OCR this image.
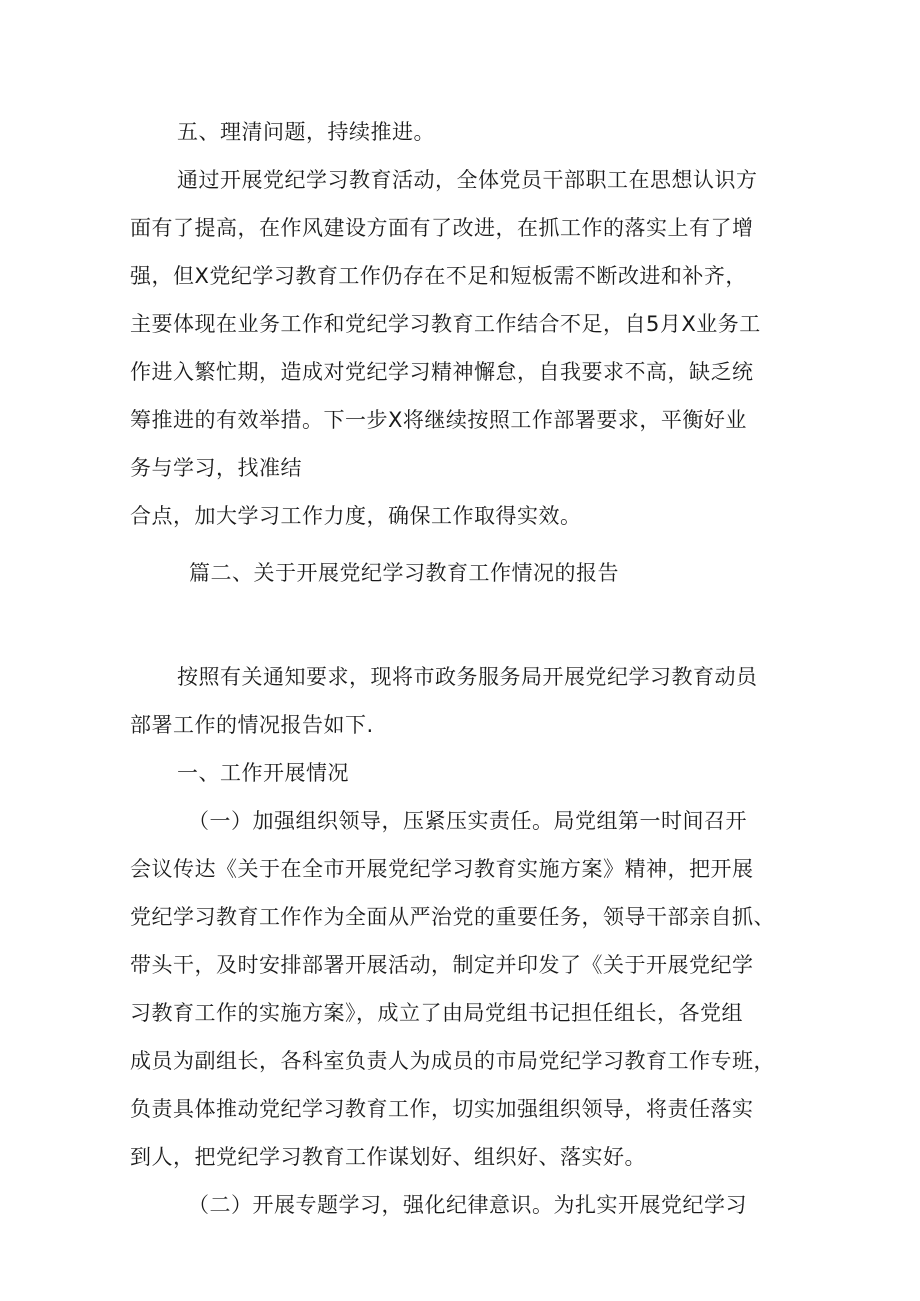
五、理清问题，持续推进。
通过开展党纪学习教育活动，全体党员干部职工在思想认识方
面有了提高，在作风建设方面有了改进，在抓工作的落实上有了增
强，但X党纪学习教育工作仍存在不足和短板需不断改进和补齐，
主要体现在业务工作和党纪学习教育工作结合不足，自5月X业务工
作进入繁忙期，造成对党纪学习精神懈怠，自我要求不高，缺乏统
筹推进的有效举措。下一步X将继续按照工作部署要求，平衡好业
务与学习，找准结
合点，加大学习工作力度，确保工作取得实效。
篇二、关于开展党纪学习教育工作情况的报告
按照有关通知要求，现将市政务服务局开展党纪学习教育动员
部署工作的情况报告如下.
一、工作开展情况
（一）加强组织领导，压紧压实责任。局党组第一时间召开
会议传达《关于在全市开展党纪学习教育实施方案》精神，把开展
党纪学习教育工作作为全面从严治党的重要任务，领导干部亲自抓、
带头干，及时安排部署开展活动，制定并印发了《关于开展党纪学
习教育工作的实施方案》，成立了由局党组书记担任组长，各党组
成员为副组长，各科室负责人为成员的市局党纪学习教育工作专班，
负责具体推动党纪学习教育工作，切实加强组织领导，将责任落实
到人，把党纪学习教育工作谋划好、组织好、落实好。
（二）开展专题学习，强化纪律意识。为扎实开展党纪学习
